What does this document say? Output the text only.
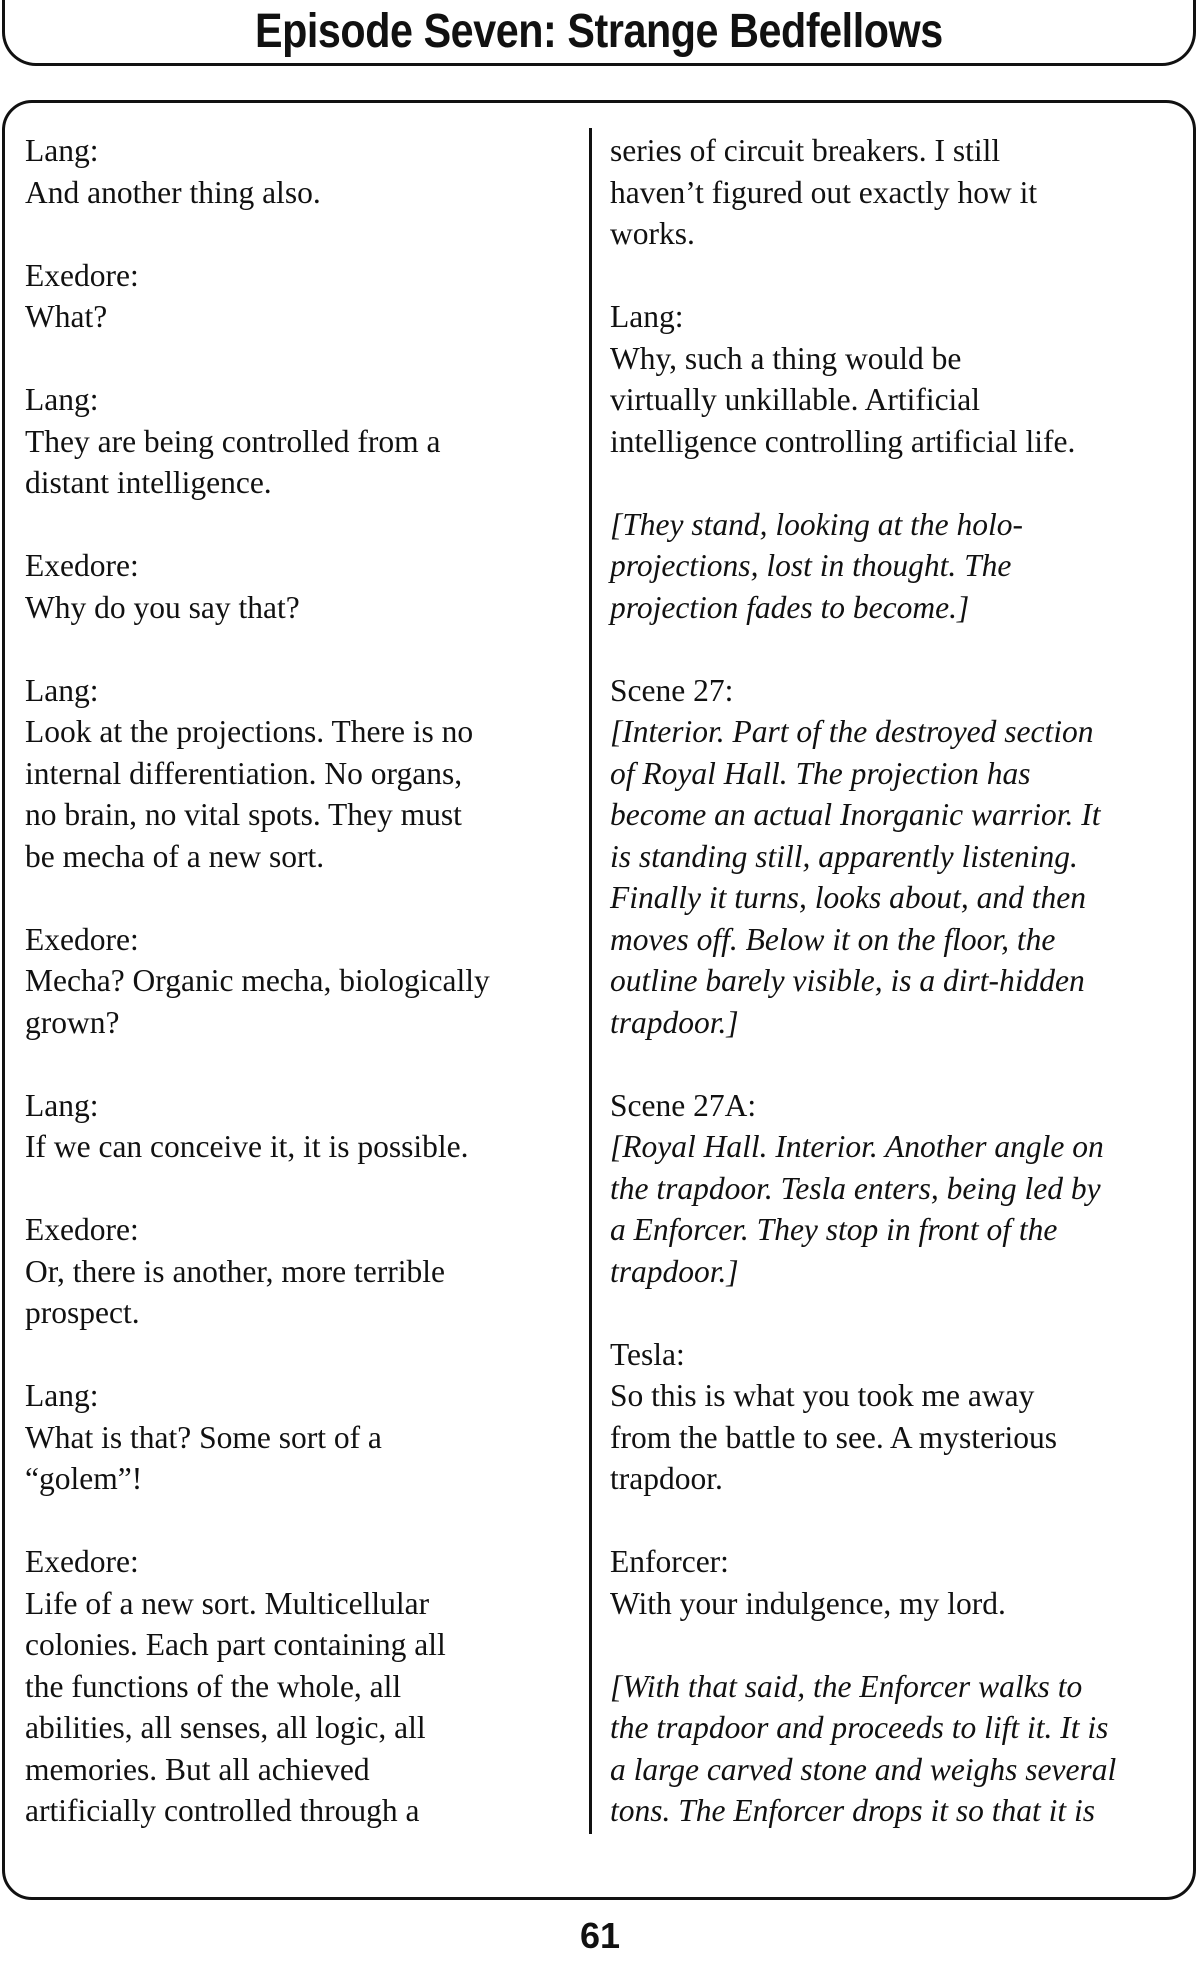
Episode Seven: Strange Bedfellows
Lang:
And another thing also.
Exedore:
What?
Lang:
They are being controlled from a
distant intelligence.
Exedore:
Why do you say that?
Lang:
Look at the projections. There is no
internal differentiation. No organs,
no brain, no vital spots. They must
be mecha of a new sort.
Exedore:
Mecha? Organic mecha, biologically
grown?
Lang:
If we can conceive it, it is possible.
Exedore:
Or, there is another, more terrible
prospect.
Lang:
What is that? Some sort of a
“golem”!
Exedore:
Life of a new sort. Multicellular
colonies. Each part containing all
the functions of the whole, all
abilities, all senses, all logic, all
memories. But all achieved
artificially controlled through a
series of circuit breakers. I still
haven’t figured out exactly how it
works.
Lang:
Why, such a thing would be
virtually unkillable. Artificial
intelligence controlling artificial life.
[They stand, looking at the holo-
projections, lost in thought. The
projection fades to become.]
Scene 27:
[Interior. Part of the destroyed section
of Royal Hall. The projection has
become an actual Inorganic warrior. It
is standing still, apparently listening.
Finally it turns, looks about, and then
moves off. Below it on the floor, the
outline barely visible, is a dirt-hidden
trapdoor.]
Scene 27A:
[Royal Hall. Interior. Another angle on
the trapdoor. Tesla enters, being led by
a Enforcer. They stop in front of the
trapdoor.]
Tesla:
So this is what you took me away
from the battle to see. A mysterious
trapdoor.
Enforcer:
With your indulgence, my lord.
[With that said, the Enforcer walks to
the trapdoor and proceeds to lift it. It is
a large carved stone and weighs several
tons. The Enforcer drops it so that it is
61
